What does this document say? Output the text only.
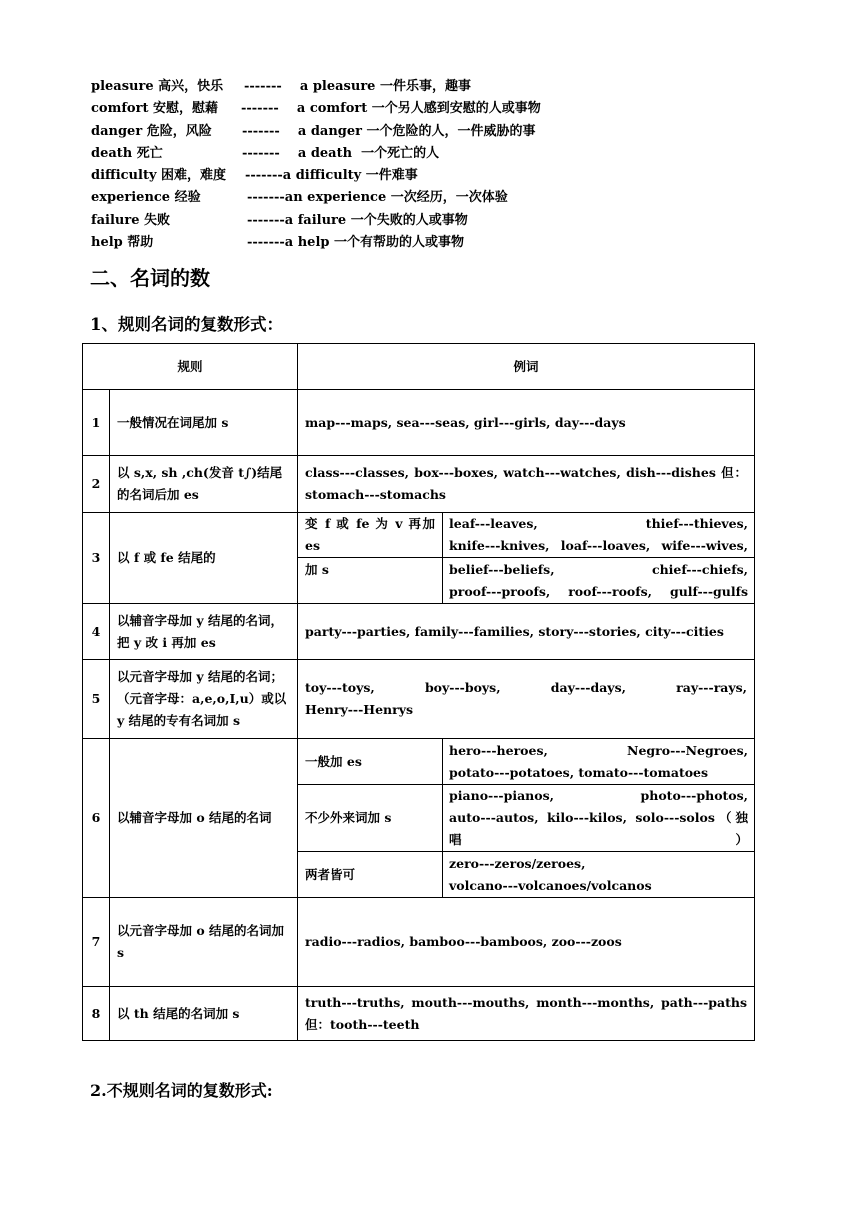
pleasure 高兴，快乐 -------    a pleasure 一件乐事，趣事
comfort 安慰，慰藉 -------    a comfort 一个另人感到安慰的人或事物
danger 危险，风险 -------    a danger 一个危险的人，一件威胁的事
death 死亡	-------    a death  一个死亡的人
difficulty 困难，难度 -------a difficulty 一件难事
experience 经验	-------an experience 一次经历，一次体验
failure 失败	-------a failure 一个失败的人或事物
help 帮助	-------a help 一个有帮助的人或事物
二、名词的数
1、规则名词的复数形式：
规则		例词	
1	一般情况在词尾加 s	map---maps, sea---seas, girl---girls, day---days	
2	以 s,x, sh ,ch(发音 t∫)结尾的名词后加 es	class---classes, box---boxes, watch---watches, dish---dishes 但：
stomach---stomachs	

3	以 f 或 fe 结尾的	变 f 或 fe 为 v 再加 es	leaf---leaves, thief---thieves,
knife---knives, loaf---loaves, wife---wives,

		加 s	belief---beliefs, chief---chiefs,
proof---proofs, roof---roofs, gulf---gulfs

4	以辅音字母加 y 结尾的名词，把 y 改 i 再加 es	party---parties, family---families, story---stories, city---cities	
5	以元音字母加 y 结尾的名词；（元音字母：a,e,o,I,u）或以 y 结尾的专有名词加 s	toy---toys, boy---boys, day---days, ray---rays,
Henry---Henrys	

6	以辅音字母加 o 结尾的名词	一般加 es	hero---heroes, Negro---Negroes,
potato---potatoes, tomato---tomatoes

		不少外来词加 s	piano---pianos, photo---photos,
auto---autos, kilo---kilos, solo---solos（独唱）

		两者皆可	zero---zeros/zeroes,
volcano---volcanoes/volcanos

7	以元音字母加 o 结尾的名词加 s	radio---radios, bamboo---bamboos, zoo---zoos	
8	以 th 结尾的名词加 s	truth---truths, mouth---mouths, month---months, path---paths
但：tooth---teeth	
2.不规则名词的复数形式:
